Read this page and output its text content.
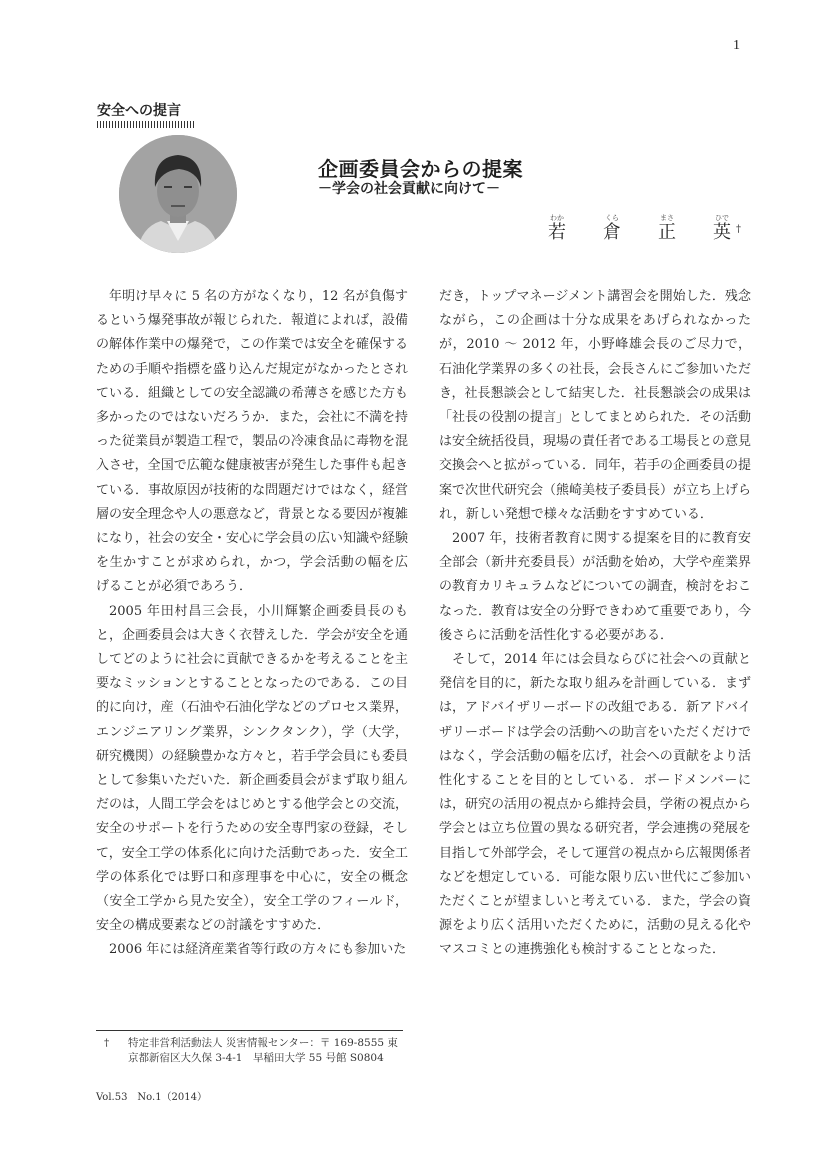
1
安全への提言
企画委員会からの提案
－学会の社会貢献に向けて－
わか
若
くら
倉
まさ
正
ひで
英 †

年明け早々に 5 名の方がなくなり，12 名が負傷するという爆発事故が報じられた．報道によれば，設備の解体作業中の爆発で，この作業では安全を確保するための手順や指標を盛り込んだ規定がなかったとされている．組織としての安全認識の希薄さを感じた方も多かったのではないだろうか．また，会社に不満を持った従業員が製造工程で，製品の冷凍食品に毒物を混入させ，全国で広範な健康被害が発生した事件も起きている．事故原因が技術的な問題だけではなく，経営層の安全理念や人の悪意など，背景となる要因が複雑になり，社会の安全・安心に学会員の広い知識や経験を生かすことが求められ，かつ，学会活動の幅を広げることが必須であろう．

2005 年田村昌三会長，小川輝繁企画委員長のもと，企画委員会は大きく衣替えした．学会が安全を通してどのように社会に貢献できるかを考えることを主要なミッションとすることとなったのである．この目的に向け，産（石油や石油化学などのプロセス業界，エンジニアリング業界，シンクタンク），学（大学，研究機関）の経験豊かな方々と，若手学会員にも委員として参集いただいた．新企画委員会がまず取り組んだのは，人間工学会をはじめとする他学会との交流，安全のサポートを行うための安全専門家の登録，そして，安全工学の体系化に向けた活動であった．安全工学の体系化では野口和彦理事を中心に，安全の概念（安全工学から見た安全），安全工学のフィールド，安全の構成要素などの討議をすすめた．

2006 年には経済産業省等行政の方々にも参加いた

だき，トップマネージメント講習会を開始した．残念ながら，この企画は十分な成果をあげられなかったが，2010 ～ 2012 年，小野峰雄会長のご尽力で，石油化学業界の多くの社長，会長さんにご参加いただき，社長懇談会として結実した．社長懇談会の成果は「社長の役割の提言」としてまとめられた．その活動は安全統括役員，現場の責任者である工場長との意見交換会へと拡がっている．同年，若手の企画委員の提案で次世代研究会（熊崎美枝子委員長）が立ち上げられ，新しい発想で様々な活動をすすめている．

2007 年，技術者教育に関する提案を目的に教育安全部会（新井充委員長）が活動を始め，大学や産業界の教育カリキュラムなどについての調査，検討をおこなった．教育は安全の分野できわめて重要であり，今後さらに活動を活性化する必要がある．

そして，2014 年には会員ならびに社会への貢献と発信を目的に，新たな取り組みを計画している．まずは，アドバイザリーボードの改組である．新アドバイザリーボードは学会の活動への助言をいただくだけではなく，学会活動の幅を広げ，社会への貢献をより活性化することを目的としている．ボードメンバーには，研究の活用の視点から維持会員，学術の視点から学会とは立ち位置の異なる研究者，学会連携の発展を目指して外部学会，そして運営の視点から広報関係者などを想定している．可能な限り広い世代にご参加いただくことが望ましいと考えている．また，学会の資源をより広く活用いただくために，活動の見える化やマスコミとの連携強化も検討することとなった．

†	特定非営利活動法人 災害情報センター：〒 169-8555 東
京都新宿区大久保 3-4-1　早稲田大学 55 号館 S0804
Vol.53　No.1（2014）
